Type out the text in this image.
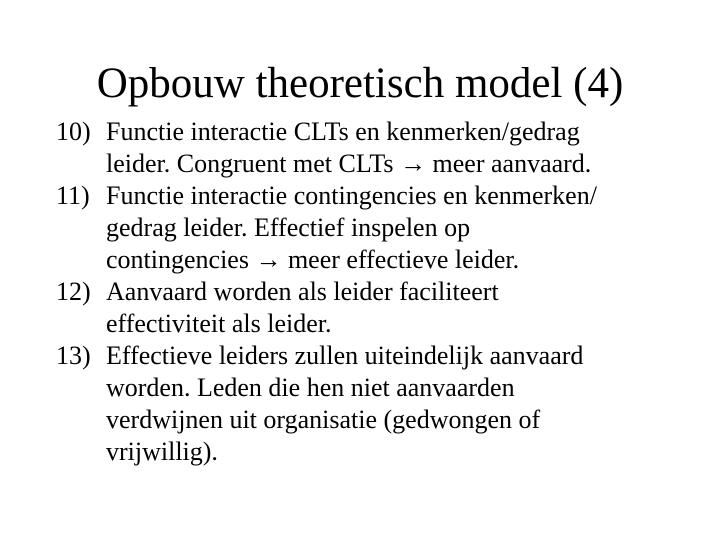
Opbouw theoretisch model (4)
10) Functie interactie CLTs en kenmerken/gedrag
leider. Congruent met CLTs → meer aanvaard.
11) Functie interactie contingencies en kenmerken/
gedrag leider. Effectief inspelen op
contingencies → meer effectieve leider.
12) Aanvaard worden als leider faciliteert
effectiviteit als leider.
13) Effectieve leiders zullen uiteindelijk aanvaard
worden. Leden die hen niet aanvaarden
verdwijnen uit organisatie (gedwongen of
vrijwillig).
